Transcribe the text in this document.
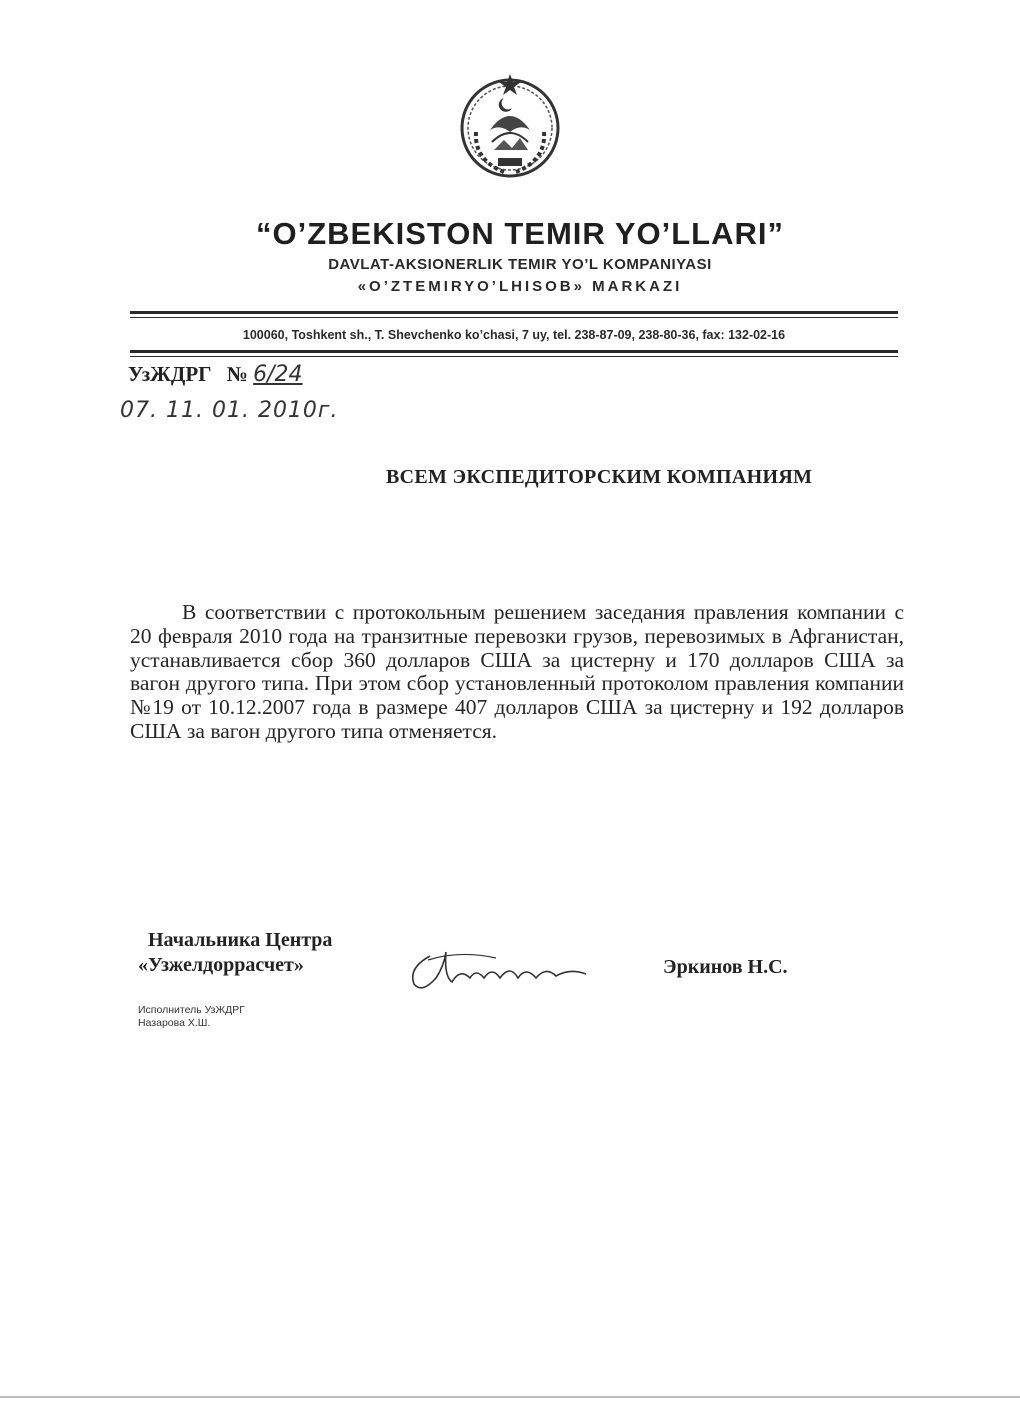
“O’ZBEKISTON TEMIR YO’LLARI”
DAVLAT-AKSIONERLIK TEMIR YO’L KOMPANIYASI
«O’ZTEMIRYO’LHISOB» MARKAZI
100060, Toshkent sh., T. Shevchenko ko’chasi, 7 uy, tel. 238-87-09, 238-80-36, fax: 132-02-16
УзЖДРГ № 6/24
07. 11. 01. 2010г.
ВСЕМ ЭКСПЕДИТОРСКИМ КОМПАНИЯМ
В соответствии с протокольным решением заседания правления компании с 20 февраля 2010 года на транзитные перевозки грузов, перевозимых в Афганистан, устанавливается сбор 360 долларов США за цистерну и 170 долларов США за вагон другого типа. При этом сбор установленный протоколом правления компании №19 от 10.12.2007 года в размере 407 долларов США за цистерну и 192 долларов США за вагон другого типа отменяется.
Начальника Центра
«Узжелдоррасчет»	Эркинов Н.С.
Исполнитель УзЖДРГ
Назарова Х.Ш.
